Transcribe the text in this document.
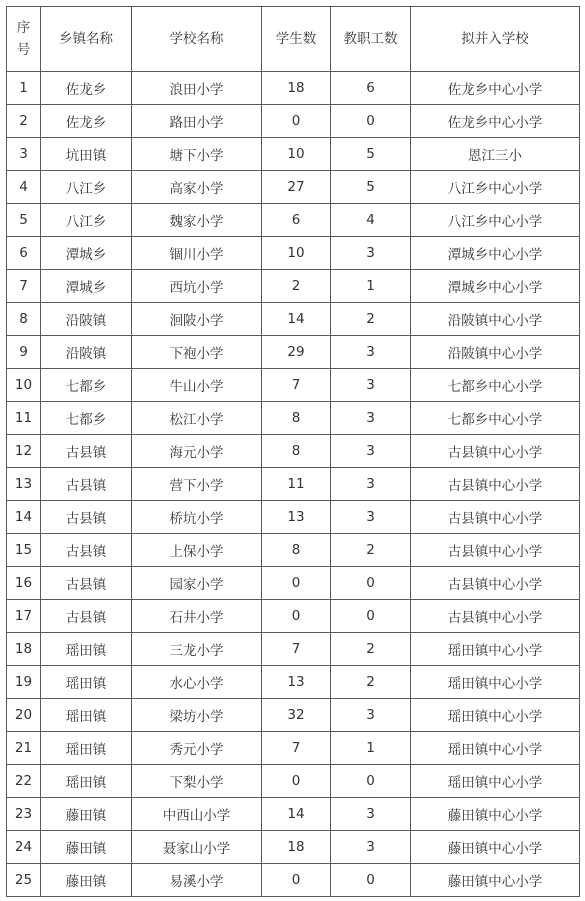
序号	乡镇名称	学校名称	学生数	教职工数	拟并入学校
1	佐龙乡	浪田小学	18	6	佐龙乡中心小学
2	佐龙乡	路田小学	0	0	佐龙乡中心小学
3	坑田镇	塘下小学	10	5	恩江三小
4	八江乡	高家小学	27	5	八江乡中心小学
5	八江乡	魏家小学	6	4	八江乡中心小学
6	潭城乡	锢川小学	10	3	潭城乡中心小学
7	潭城乡	西坑小学	2	1	潭城乡中心小学
8	沿陂镇	洄陂小学	14	2	沿陂镇中心小学
9	沿陂镇	下袍小学	29	3	沿陂镇中心小学
10	七都乡	牛山小学	7	3	七都乡中心小学
11	七都乡	松江小学	8	3	七都乡中心小学
12	古县镇	海元小学	8	3	古县镇中心小学
13	古县镇	营下小学	11	3	古县镇中心小学
14	古县镇	桥坑小学	13	3	古县镇中心小学
15	古县镇	上保小学	8	2	古县镇中心小学
16	古县镇	园家小学	0	0	古县镇中心小学
17	古县镇	石井小学	0	0	古县镇中心小学
18	瑶田镇	三龙小学	7	2	瑶田镇中心小学
19	瑶田镇	水心小学	13	2	瑶田镇中心小学
20	瑶田镇	梁坊小学	32	3	瑶田镇中心小学
21	瑶田镇	秀元小学	7	1	瑶田镇中心小学
22	瑶田镇	下梨小学	0	0	瑶田镇中心小学
23	藤田镇	中西山小学	14	3	藤田镇中心小学
24	藤田镇	聂家山小学	18	3	藤田镇中心小学
25	藤田镇	易溪小学	0	0	藤田镇中心小学
